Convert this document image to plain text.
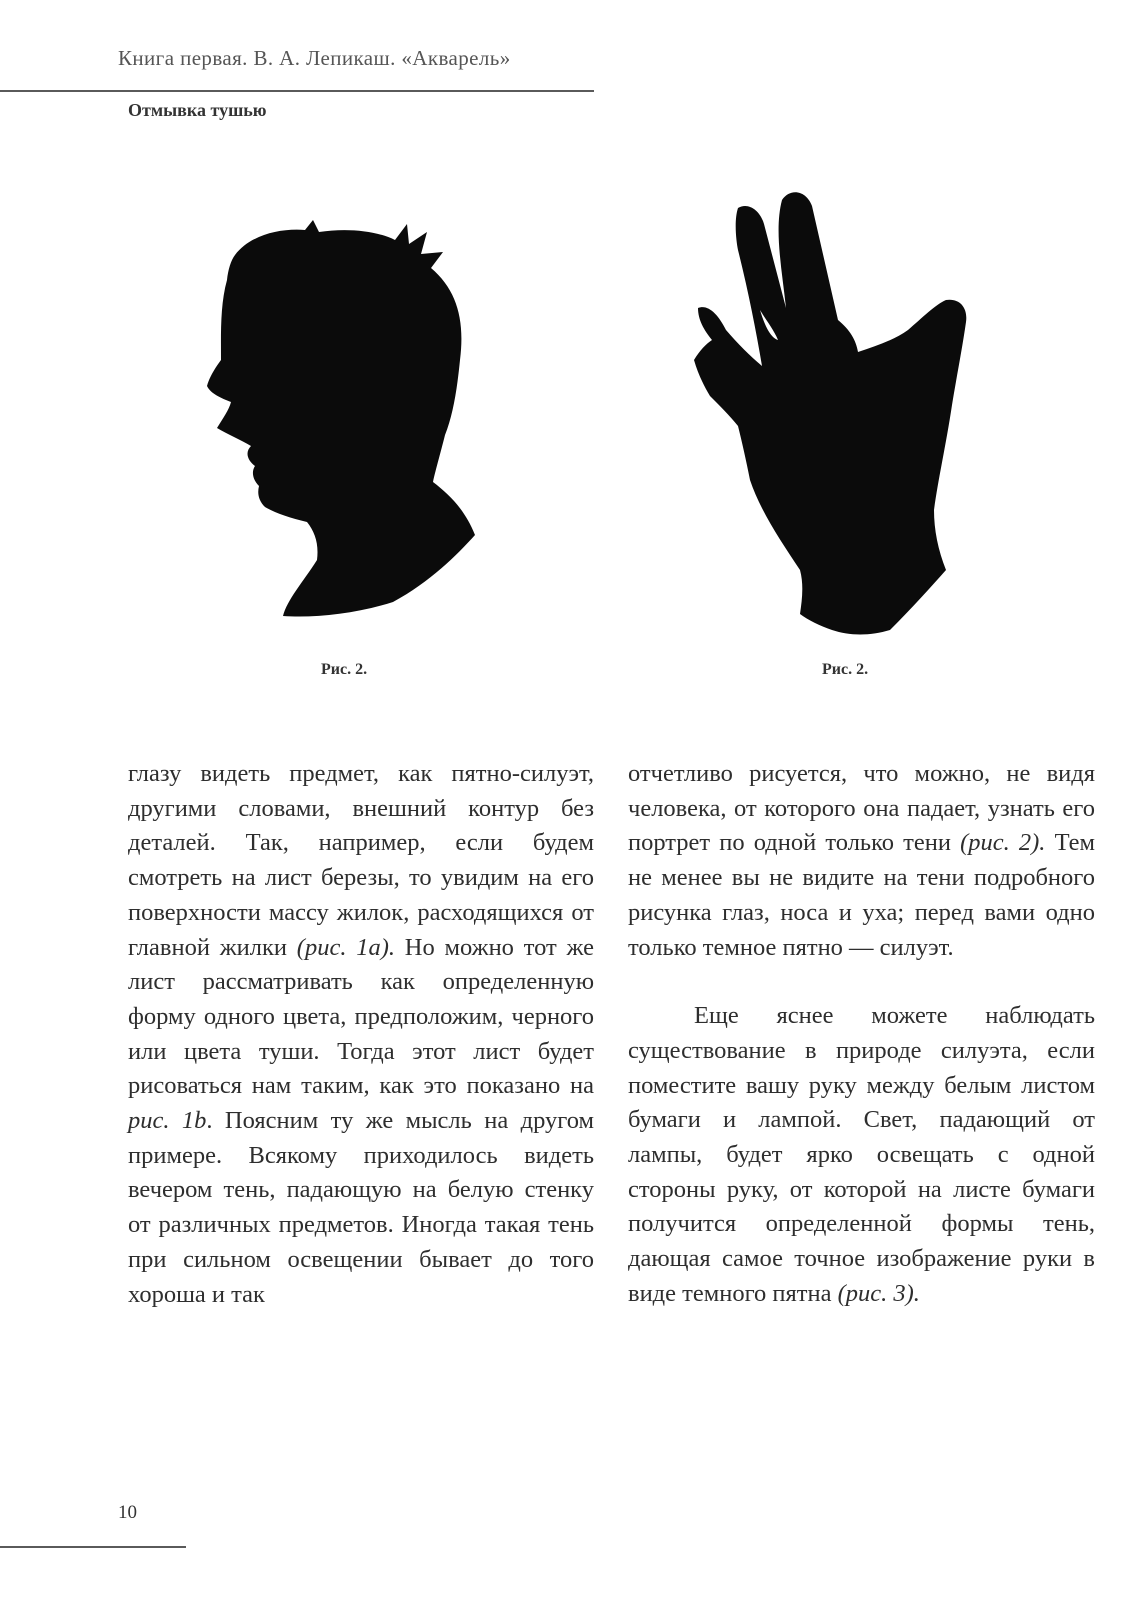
Книга первая. В. А. Лепикаш. «Акварель»
Отмывка тушью
Рис. 2.	Рис. 2.

глазу видеть предмет, как пятно-силуэт, другими словами, внешний контур без деталей. Так, например, если будем смотреть на лист березы, то увидим на его поверхности массу жилок, расходящихся от главной жилки (рис. 1a). Но можно тот же лист рассматривать как определенную форму одного цвета, предположим, черного или цвета туши. Тогда этот лист будет рисоваться нам таким, как это показано на рис. 1b. Поясним ту же мысль на другом примере. Всякому приходилось видеть вечером тень, падающую на белую стенку от различных предметов. Иногда такая тень при сильном освещении бывает до того хороша и так

отчетливо рисуется, что можно, не видя человека, от которого она падает, узнать его портрет по одной только тени (рис. 2). Тем не менее вы не видите на тени подробного рисунка глаз, носа и уха; перед вами одно только темное пятно — силуэт.

Еще яснее можете наблюдать существование в природе силуэта, если поместите вашу руку между белым листом бумаги и лампой. Свет, падающий от лампы, будет ярко освещать с одной стороны руку, от которой на листе бумаги получится определенной формы тень, дающая самое точное изображение руки в виде темного пятна (рис. 3).

10
